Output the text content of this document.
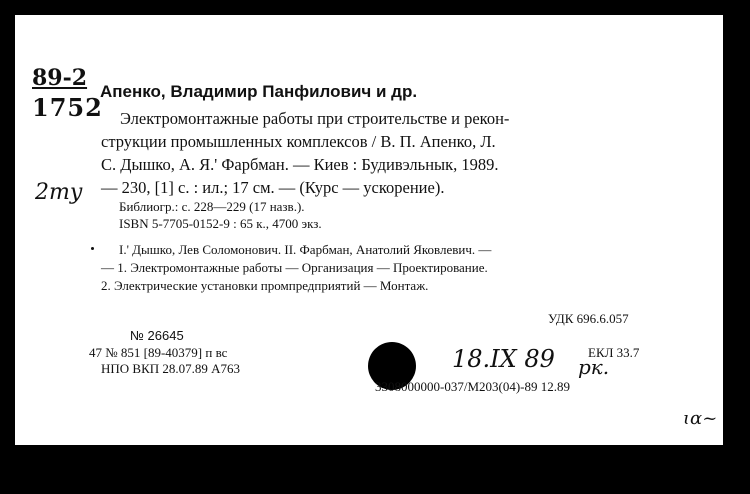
89-2
1752
2ту
Апенко, Владимир Панфилович и др.
Электромонтажные работы при строительстве и рекон-
струкции промышленных комплексов / В. П. Апенко, Л.
С. Дышко, А. Я.' Фарбман. — Киев : Будивэльнык, 1989.
— 230, [1] с. : ил.; 17 см. — (Курс — ускорение).
Библиогр.: с. 228—229 (17 назв.).
ISBN 5-7705-0152-9 : 65 к., 4700 экз.
I.' Дышко, Лев Соломонович. II. Фарбман, Анатолий Яковлевич. —
— 1. Электромонтажные работы — Организация — Проектирование.
2. Электрические установки промпредприятий — Монтаж.
УДК 696.6.057
№ 26645
47 № 851 [89-40379] п вс
НПО ВКП 28.07.89 А763	18.IX 89 рк.
ЕКЛ 33.7
3308000000-037/М203(04)-89 12.89
ɩα~
